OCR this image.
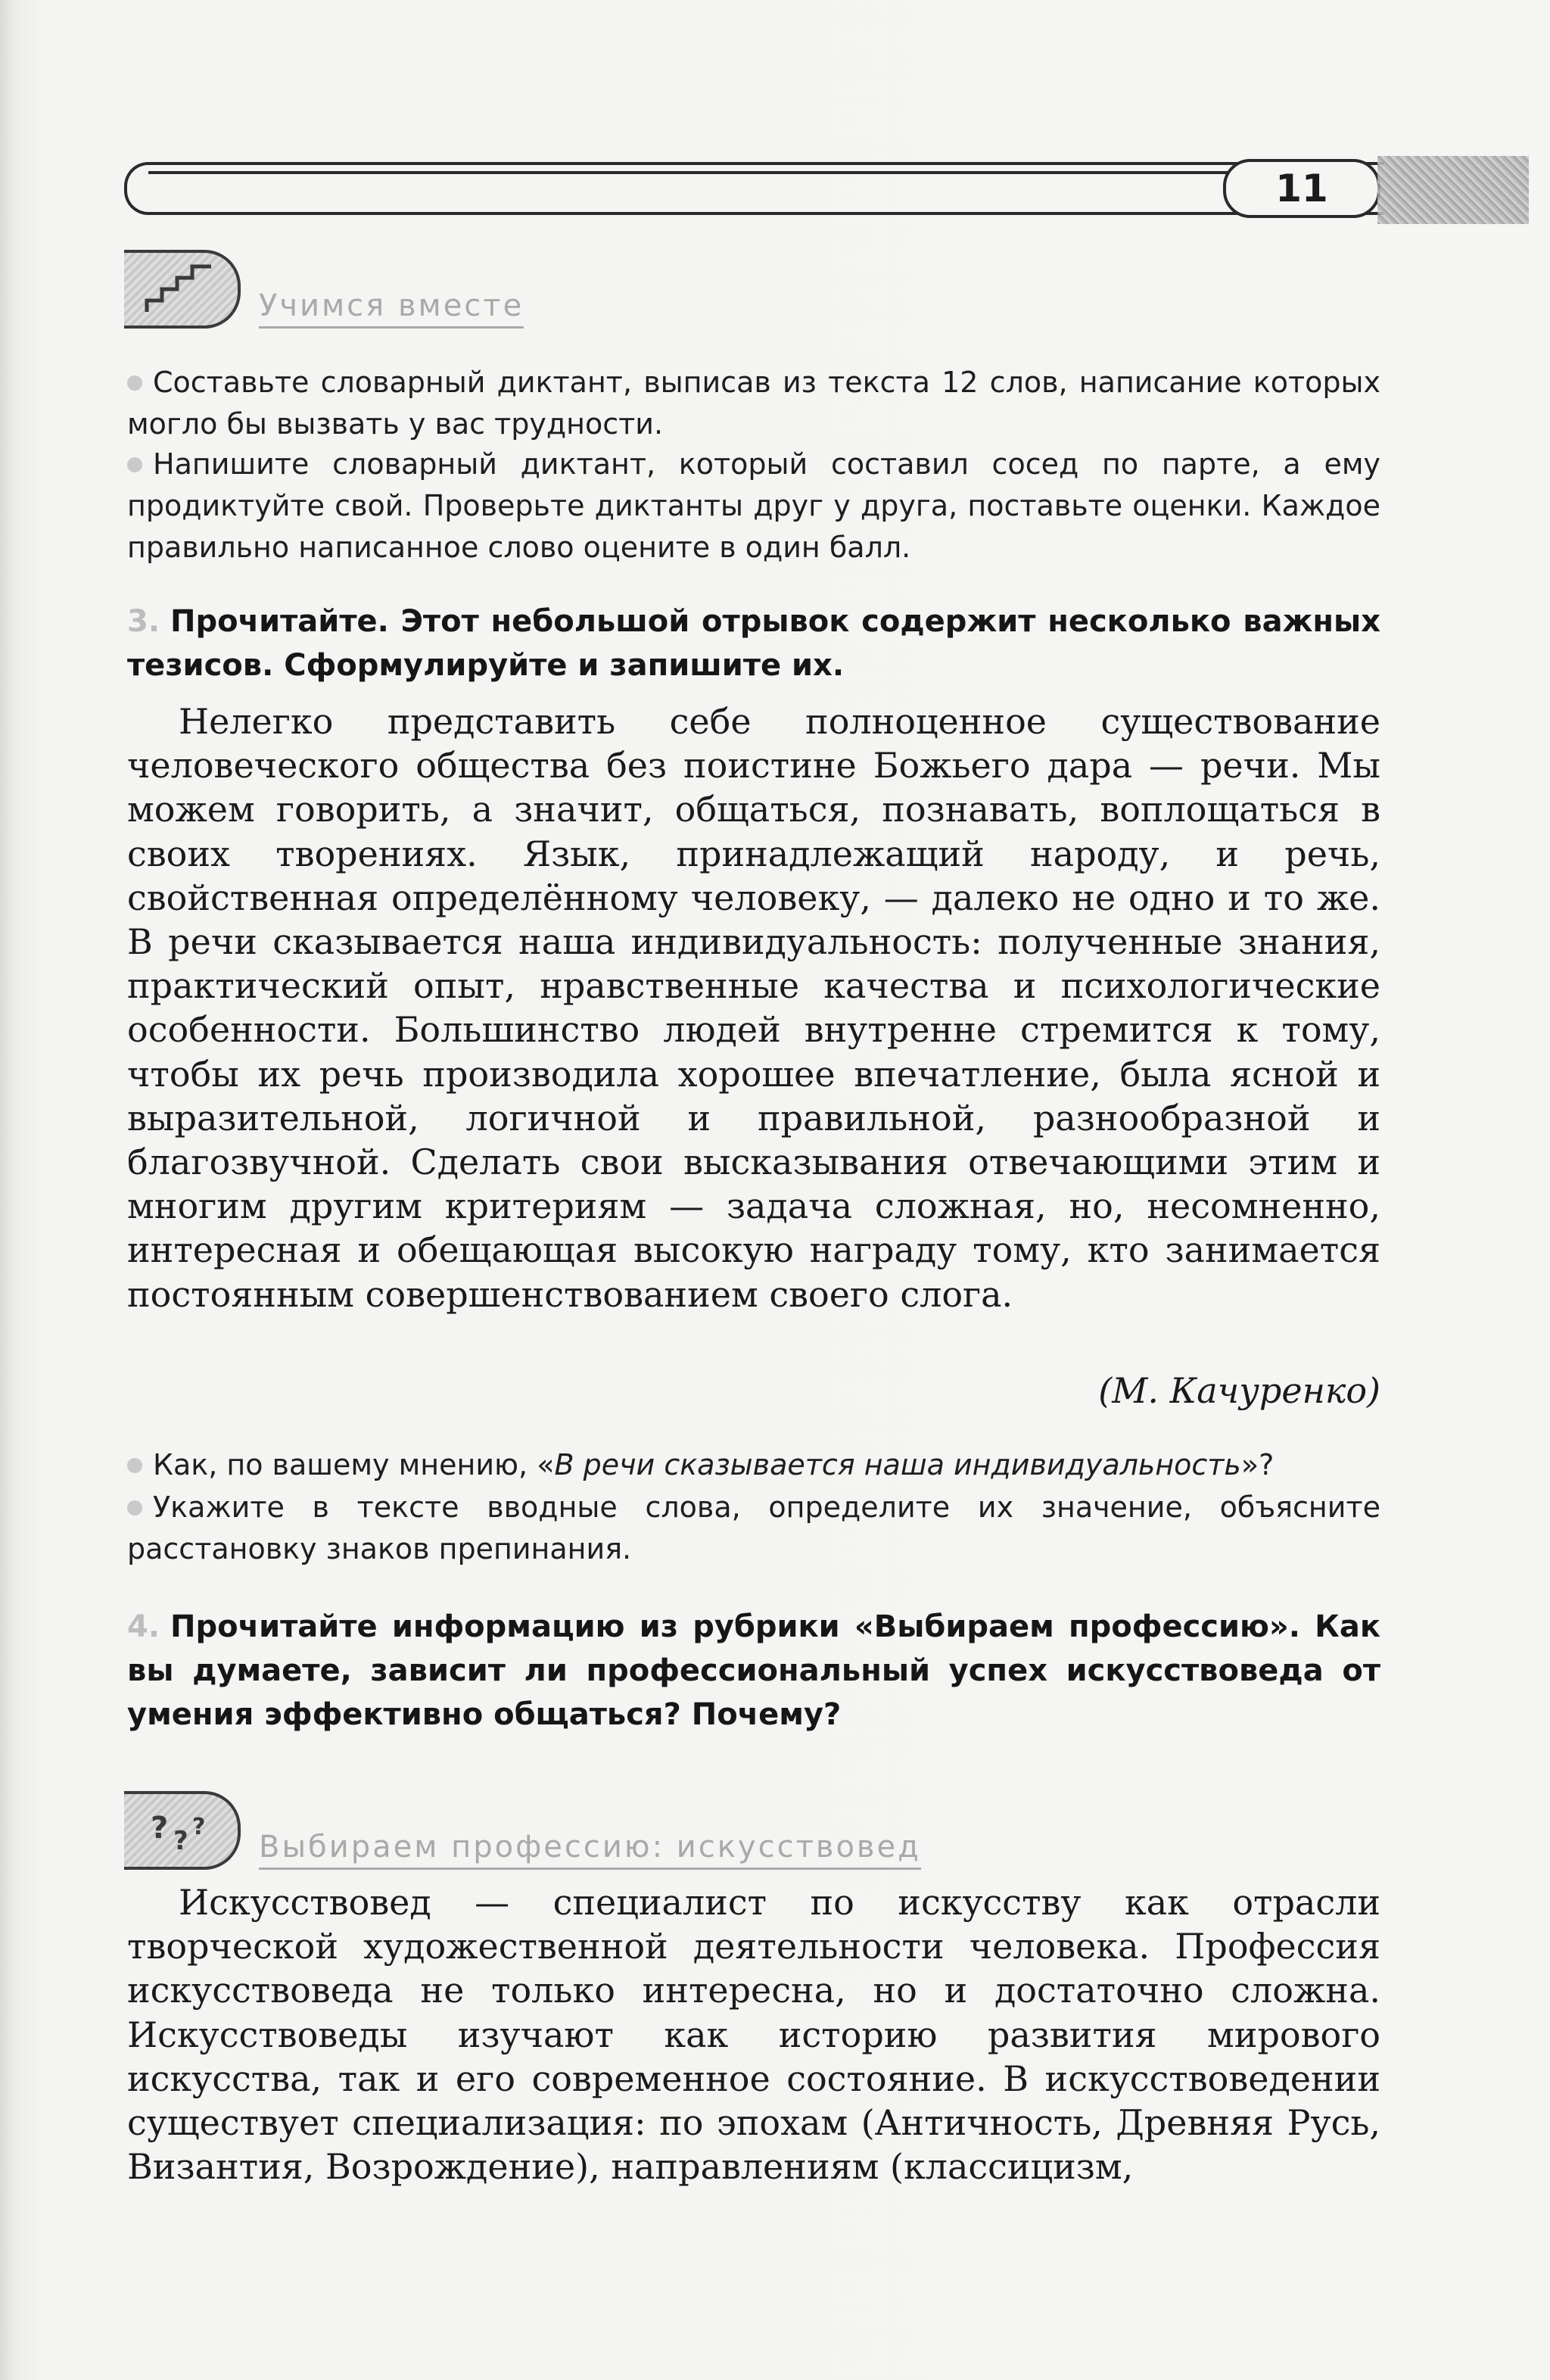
11
Учимся вместе
Составьте словарный диктант, выписав из текста 12 слов, написание которых могло бы вызвать у вас трудности.
Напишите словарный диктант, который составил сосед по парте, а ему продиктуйте свой. Проверьте диктанты друг у друга, поставьте оценки. Каждое правильно написанное слово оцените в один балл.
3. Прочитайте. Этот небольшой отрывок содержит несколько важных тезисов. Сформулируйте и запишите их.
Нелегко представить себе полноценное существование человеческого общества без поистине Божьего дара — речи. Мы можем говорить, а значит, общаться, познавать, воплощаться в своих творениях. Язык, принадлежащий народу, и речь, свойственная определённому человеку, — далеко не одно и то же. В речи сказывается наша индивидуальность: полученные знания, практический опыт, нравственные качества и психологические особенности. Большинство людей внутренне стремится к тому, чтобы их речь производила хорошее впечатление, была ясной и выразительной, логичной и правильной, разнообразной и благозвучной. Сделать свои высказывания отвечающими этим и многим другим критериям — задача сложная, но, несомненно, интересная и обещающая высокую награду тому, кто занимается постоянным совершенствованием своего слога.
(М. Качуренко)
Как, по вашему мнению, «В речи сказывается наша индивидуальность»?
Укажите в тексте вводные слова, определите их значение, объясните расстановку знаков препинания.
4. Прочитайте информацию из рубрики «Выбираем профессию». Как вы думаете, зависит ли профессиональный успех искусствоведа от умения эффективно общаться? Почему?
? ? ?
Выбираем профессию: искусствовед
Искусствовед — специалист по искусству как отрасли творческой художественной деятельности человека. Профессия искусствоведа не только интересна, но и достаточно сложна. Искусствоведы изучают как историю развития мирового искусства, так и его современное состояние. В искусствоведении существует специализация: по эпохам (Античность, Древняя Русь, Византия, Возрождение), направлениям (классицизм,
